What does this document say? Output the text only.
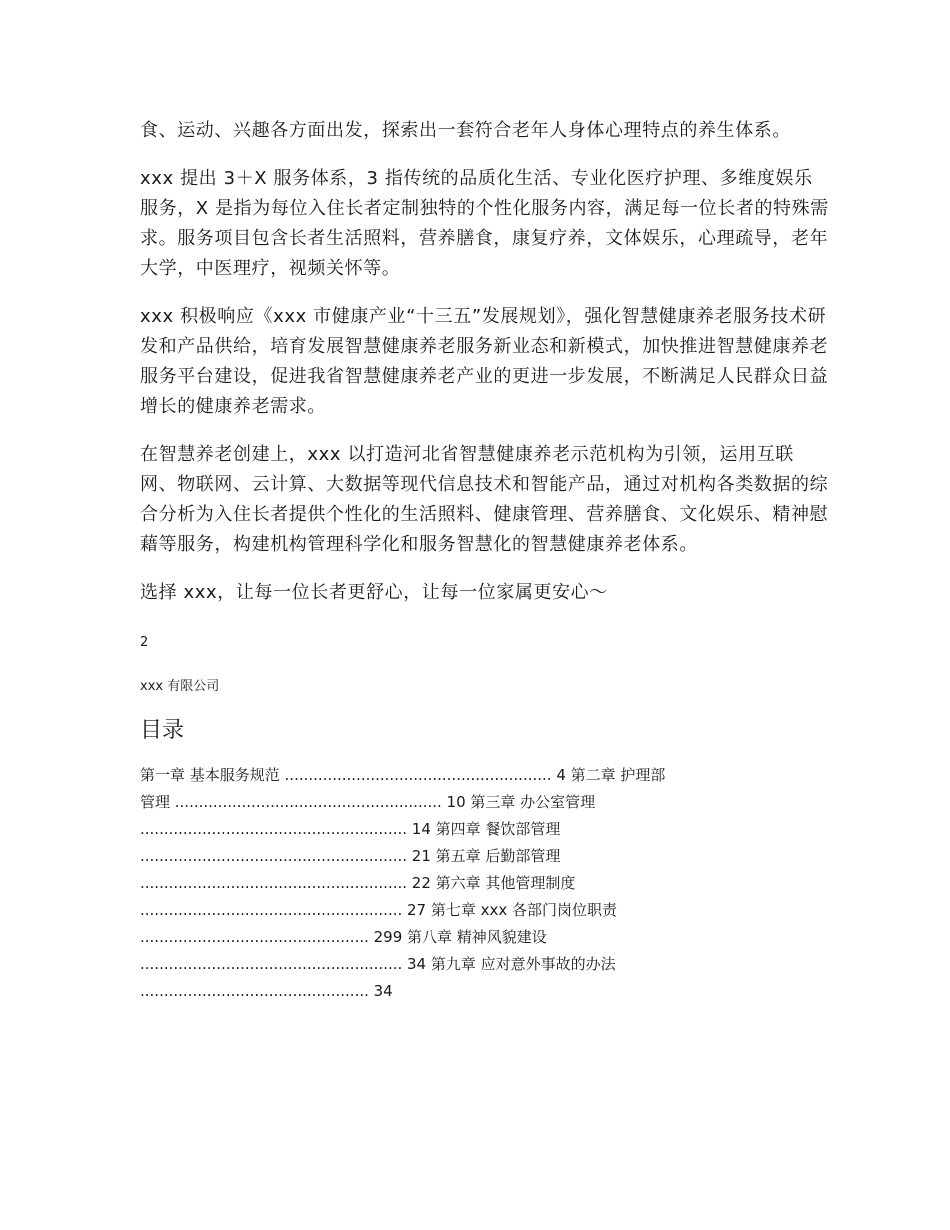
食、运动、兴趣各方面出发，探索出一套符合老年人身体心理特点的养生体系。

xxx 提出 3＋X 服务体系，3 指传统的品质化生活、专业化医疗护理、多维度娱乐服务，X 是指为每位入住长者定制独特的个性化服务内容，满足每一位长者的特殊需求。服务项目包含长者生活照料，营养膳食，康复疗养，文体娱乐，心理疏导，老年大学，中医理疗，视频关怀等。

xxx 积极响应《xxx 市健康产业“十三五”发展规划》，强化智慧健康养老服务技术研发和产品供给，培育发展智慧健康养老服务新业态和新模式，加快推进智慧健康养老服务平台建设，促进我省智慧健康养老产业的更进一步发展，不断满足人民群众日益增长的健康养老需求。

在智慧养老创建上，xxx 以打造河北省智慧健康养老示范机构为引领，运用互联网、物联网、云计算、大数据等现代信息技术和智能产品，通过对机构各类数据的综合分析为入住长者提供个性化的生活照料、健康管理、营养膳食、文化娱乐、精神慰藉等服务，构建机构管理科学化和服务智慧化的智慧健康养老体系。

选择 xxx，让每一位长者更舒心，让每一位家属更安心～

2
xxx 有限公司
目录
第一章 基本服务规范 ........................................................ 4 第二章 护理部
管理 ........................................................ 10 第三章 办公室管理
........................................................ 14 第四章 餐饮部管理
........................................................ 21 第五章 后勤部管理
........................................................ 22 第六章 其他管理制度
....................................................... 27 第七章 xxx 各部门岗位职责
................................................ 299 第八章 精神风貌建设
....................................................... 34 第九章 应对意外事故的办法
................................................ 34
